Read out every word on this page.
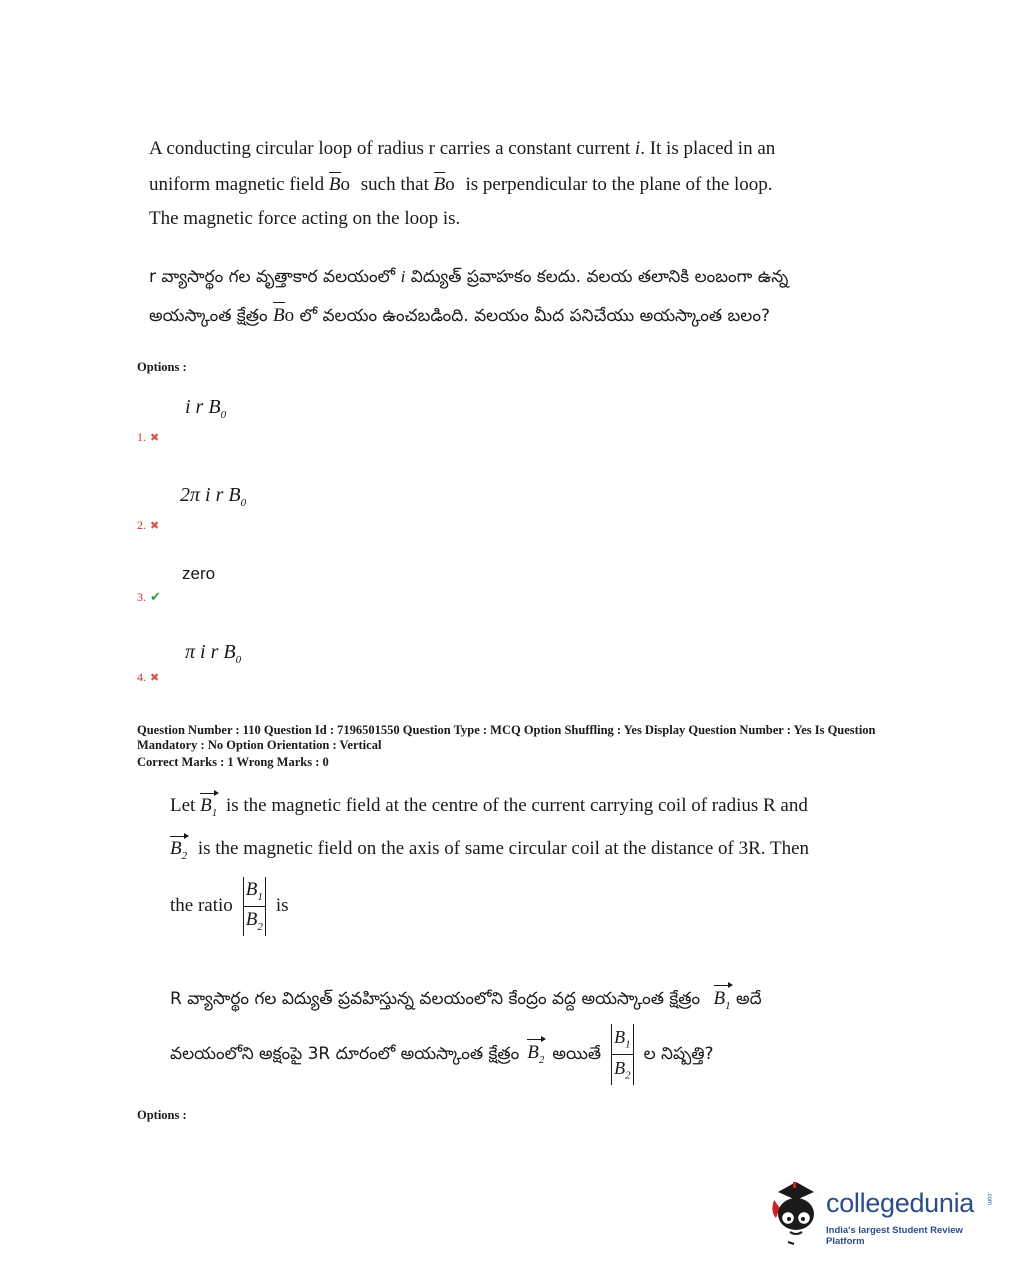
A conducting circular loop of radius r carries a constant current i. It is placed in an
uniform magnetic field Bo such that Bo is perpendicular to the plane of the loop.
The magnetic force acting on the loop is.
r వ్యాసార్థం గల వృత్తాకార వలయంలో i విద్యుత్ ప్రవాహకం కలదు. వలయ తలానికి లంబంగా ఉన్న
అయస్కాంత క్షేత్రం Bo లో వలయం ఉంచబడింది. వలయం మీద పనిచేయు అయస్కాంత బలం?
Options :
i r $B_0$
1. ✖
2π i r $B_0$
2. ✖
zero
3. ✔
π i r $B_0$
4. ✖
Question Number : 110 Question Id : 7196501550 Question Type : MCQ Option Shuffling : Yes Display Question Number : Yes Is Question
Mandatory : No Option Orientation : Vertical
Correct Marks : 1 Wrong Marks : 0
Let $B_1$ is the magnetic field at the centre of the current carrying coil of radius R and
$B_2$ is the magnetic field on the axis of same circular coil at the distance of 3R. Then
the ratio $\frac{B_1}{B_2}$ is
R వ్యాసార్థం గల విద్యుత్ ప్రవహిస్తున్న వలయంలోని కేంద్రం వద్ద అయస్కాంత క్షేత్రం $B_1$ అదే
వలయంలోని అక్షంపై 3R దూరంలో అయస్కాంత క్షేత్రం $B_2$ అయితే $\frac{B_1}{B_2}$ ల నిష్పత్తి?
Options :
collegedunia .com
India's largest Student Review Platform
